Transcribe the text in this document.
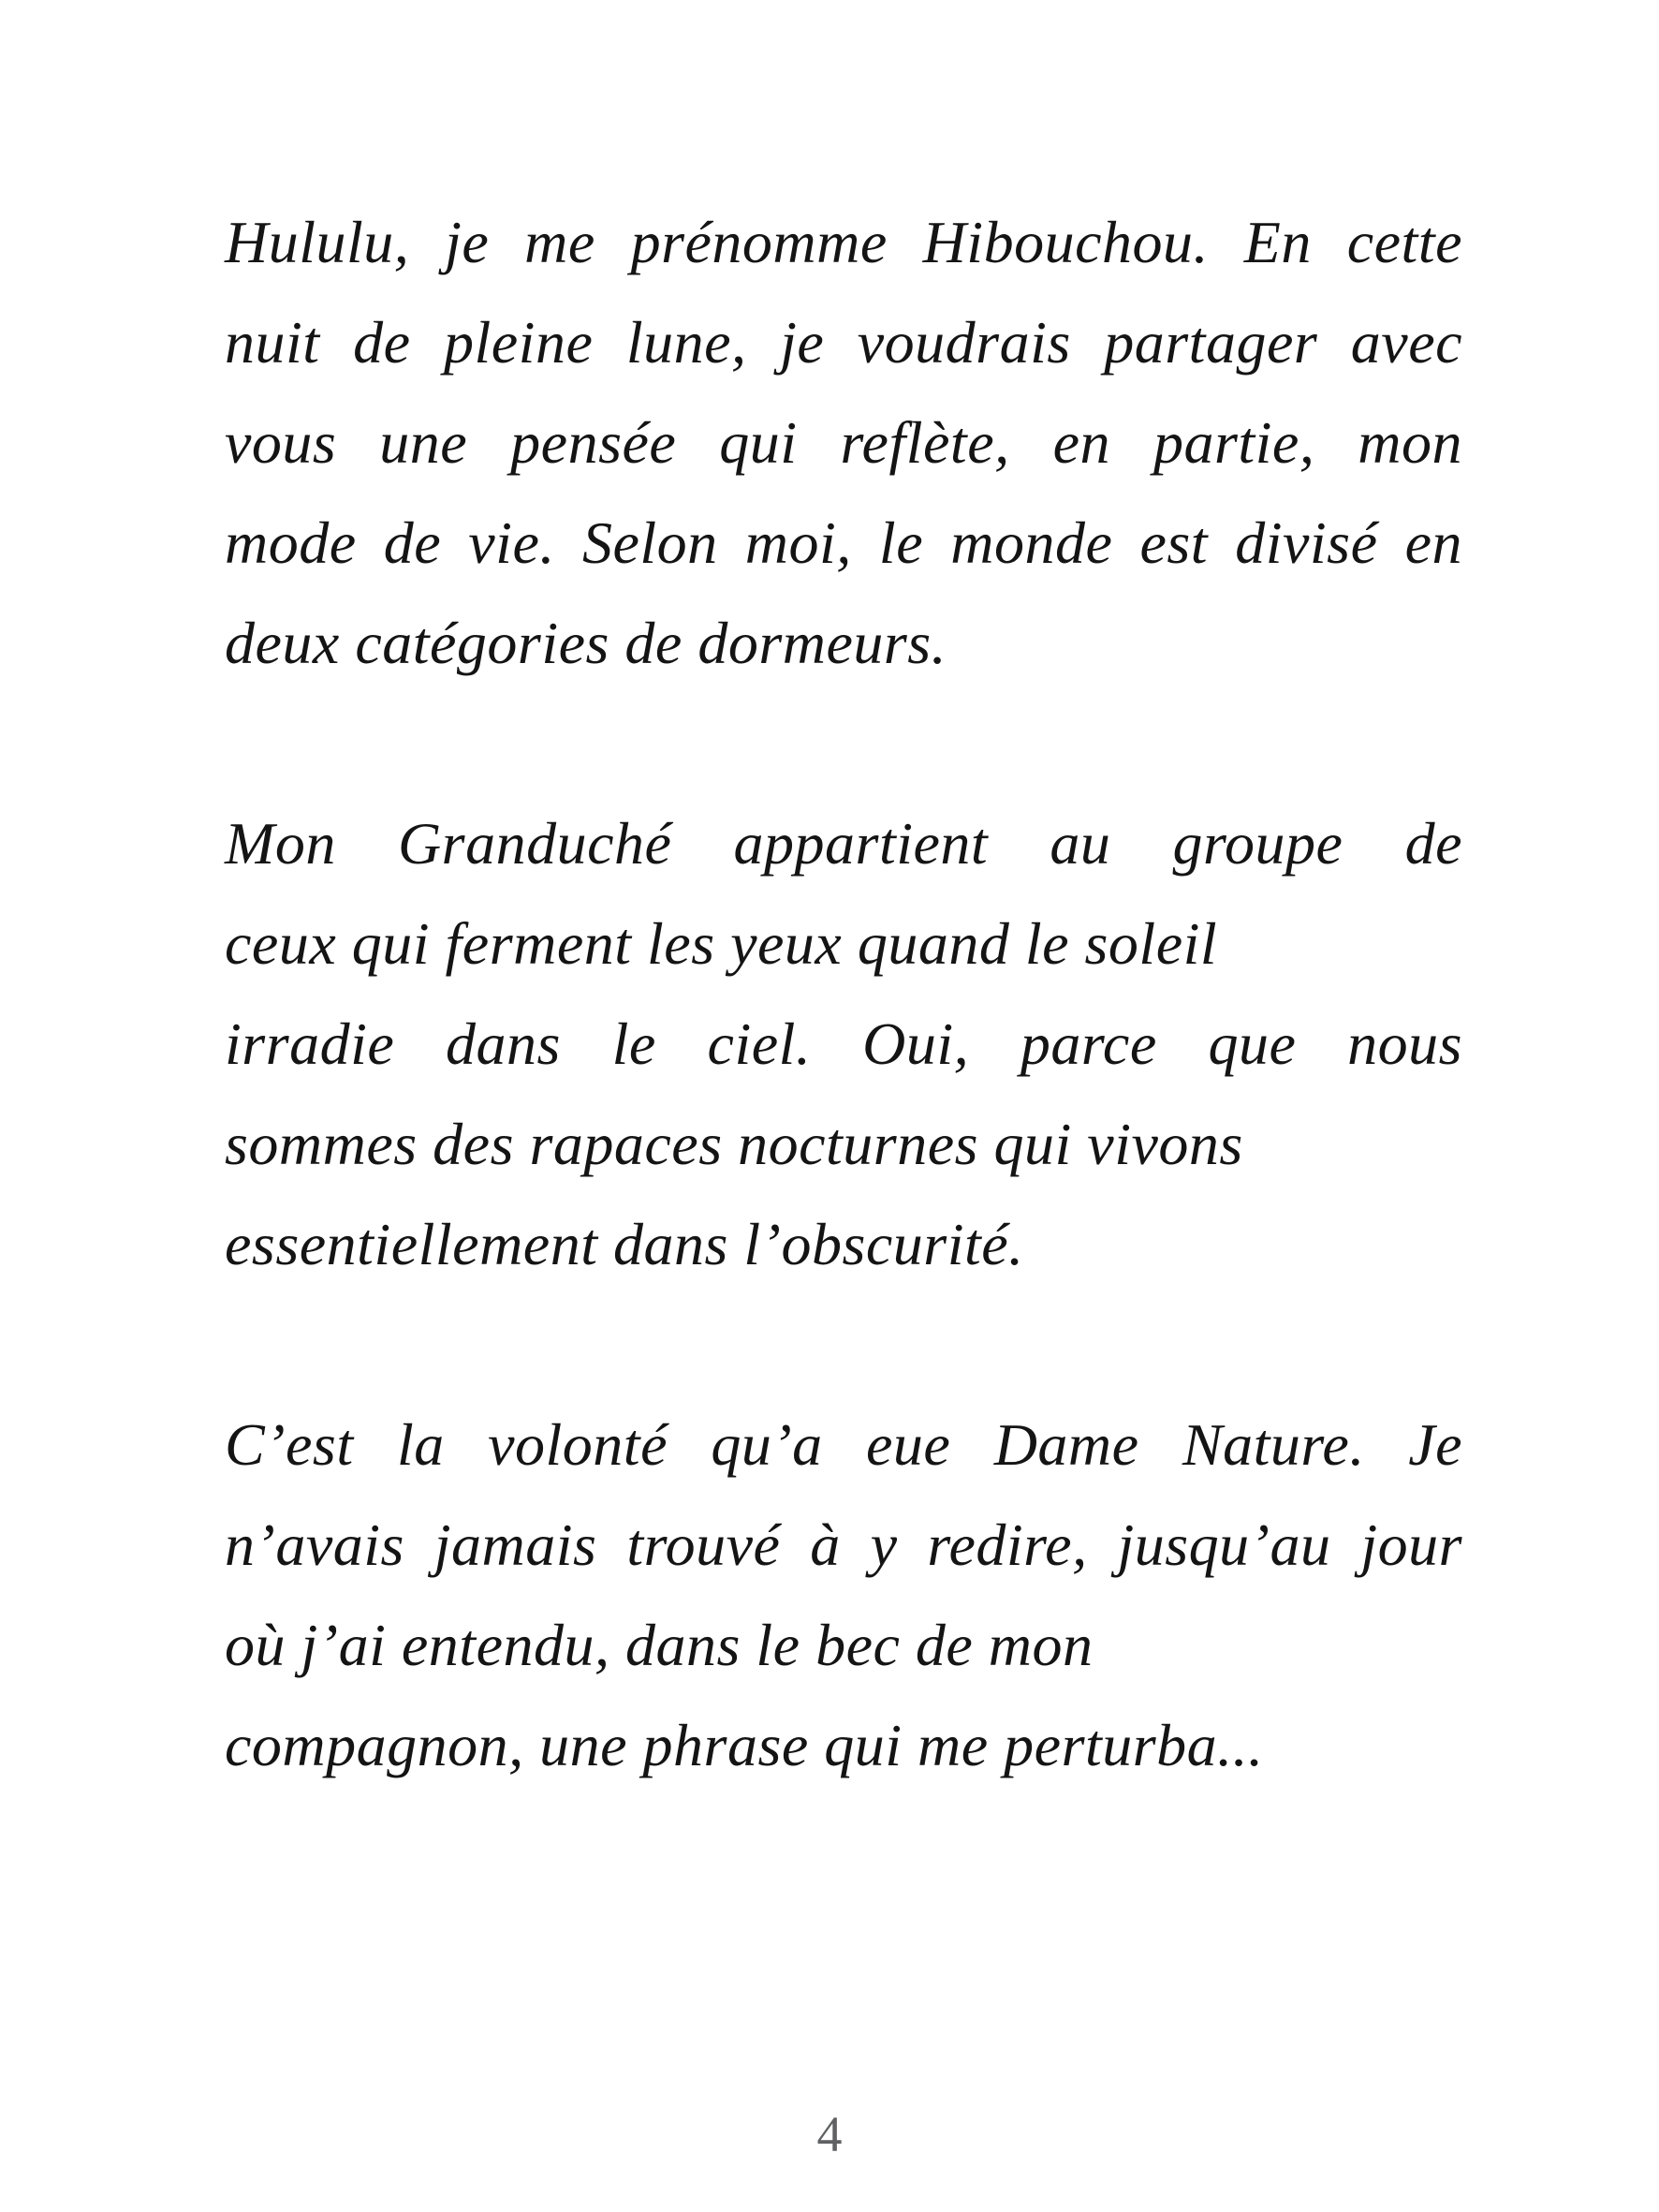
Hululu, je me prénomme Hibouchou. En cette
nuit de pleine lune, je voudrais partager avec
vous une pensée qui reflète, en partie, mon
mode de vie. Selon moi, le monde est divisé en
deux catégories de dormeurs.
Mon Granduché appartient au groupe de
ceux qui ferment les yeux quand le soleil
irradie dans le ciel. Oui, parce que nous
sommes des rapaces nocturnes qui vivons
essentiellement dans l’obscurité.
C’est la volonté qu’a eue Dame Nature. Je
n’avais jamais trouvé à y redire, jusqu’au jour
où j’ai entendu, dans le bec de mon
compagnon, une phrase qui me perturba...
4
